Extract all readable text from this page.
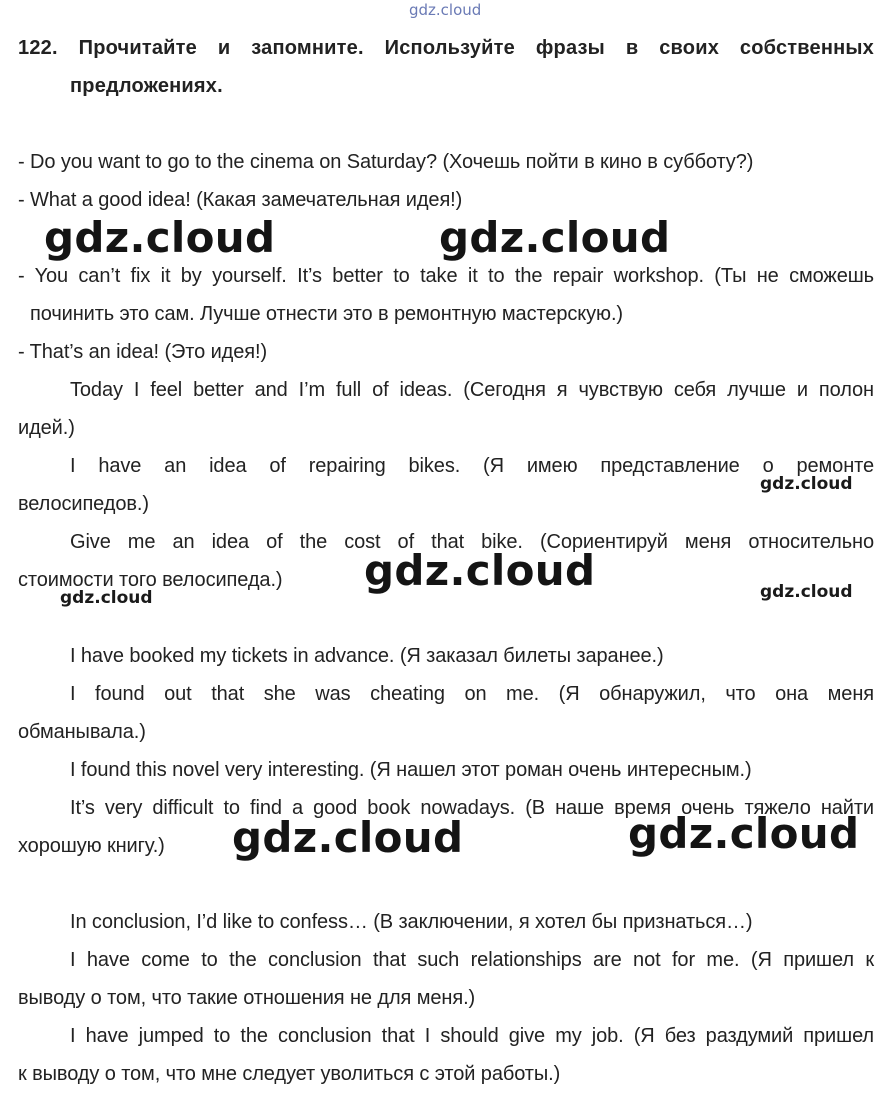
gdz.cloud
122. Прочитайте и запомните. Используйте фразы в своих собственных
предложениях.
- Do you want to go to the cinema on Saturday? (Хочешь пойти в кино в субботу?)
- What a good idea! (Какая замечательная идея!)
gdz.cloud	gdz.cloud
- You can’t fix it by yourself. It’s better to take it to the repair workshop. (Ты не сможешь
починить это сам. Лучше отнести это в ремонтную мастерскую.)
- That’s an idea! (Это идея!)
Today I feel better and I’m full of ideas. (Сегодня я чувствую себя лучше и полон
идей.)
I have an idea of repairing bikes. (Я имею представление о ремонте
велосипедов.)
gdz.cloud
Give me an idea of the cost of that bike. (Сориентируй меня относительно
стоимости того велосипеда.)	gdz.cloud
gdz.cloud	gdz.cloud
I have booked my tickets in advance. (Я заказал билеты заранее.)
I found out that she was cheating on me. (Я обнаружил, что она меня
обманывала.)
I found this novel very interesting. (Я нашел этот роман очень интересным.)
It’s very difficult to find a good book nowadays. (В наше время очень тяжело найти
хорошую книгу.)	gdz.cloud	gdz.cloud
In conclusion, I’d like to confess… (В заключении, я хотел бы признаться…)
I have come to the conclusion that such relationships are not for me. (Я пришел к
выводу о том, что такие отношения не для меня.)
I have jumped to the conclusion that I should give my job. (Я без раздумий пришел
к выводу о том, что мне следует уволиться с этой работы.)
